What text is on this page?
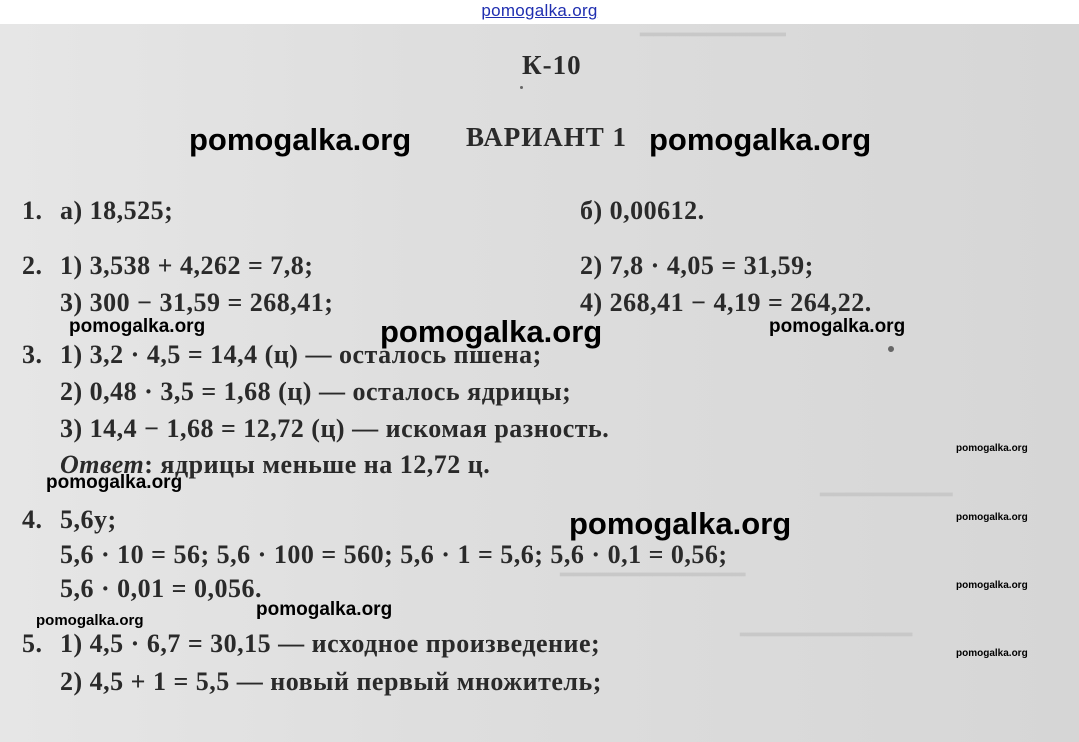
pomogalka.org
━━━━━━━━━━━
━━━━━━━━━━
━━━━━━━━━━━━━━
━━━━━━━━━━━━━
К-10
ВАРИАНТ 1
1. а) 18,525;	б) 0,00612.
2. 1) 3,538 + 4,262 = 7,8;	2) 7,8 · 4,05 = 31,59;
3) 300 − 31,59 = 268,41;	4) 268,41 − 4,19 = 264,22.
3. 1) 3,2 · 4,5 = 14,4 (ц) — осталось пшена;
2) 0,48 · 3,5 = 1,68 (ц) — осталось ядрицы;
3) 14,4 − 1,68 = 12,72 (ц) — искомая разность.
Ответ: ядрицы меньше на 12,72 ц.
4. 5,6y;
5,6 · 10 = 56; 5,6 · 100 = 560; 5,6 · 1 = 5,6; 5,6 · 0,1 = 0,56;
5,6 · 0,01 = 0,056.
5. 1) 4,5 · 6,7 = 30,15 — исходное произведение;
2) 4,5 + 1 = 5,5 — новый первый множитель;
pomogalka.org	pomogalka.org
pomogalka.org	pomogalka.org	pomogalka.org
pomogalka.org
pomogalka.org
pomogalka.org	pomogalka.org
pomogalka.org
pomogalka.org
pomogalka.org
pomogalka.org
